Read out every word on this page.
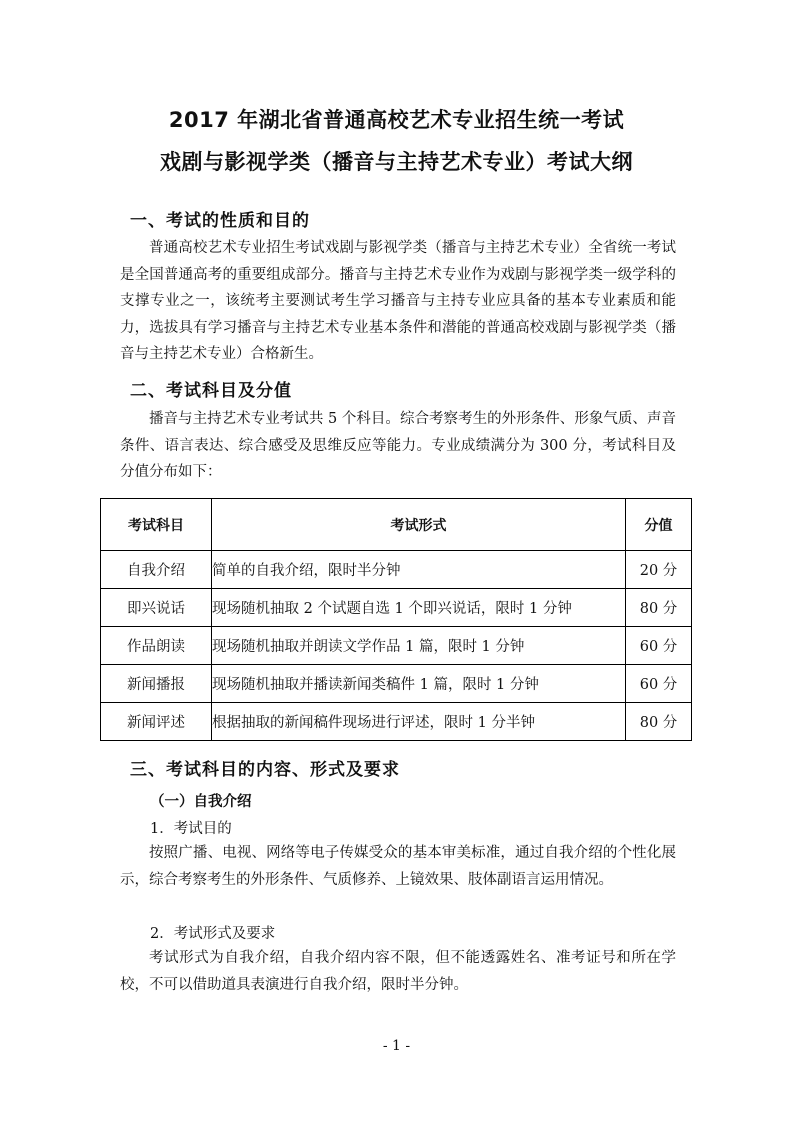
2017 年湖北省普通高校艺术专业招生统一考试
戏剧与影视学类（播音与主持艺术专业）考试大纲
一、考试的性质和目的

普通高校艺术专业招生考试戏剧与影视学类（播音与主持艺术专业）全省统一考试是全国普通高考的重要组成部分。播音与主持艺术专业作为戏剧与影视学类一级学科的支撑专业之一，该统考主要测试考生学习播音与主持专业应具备的基本专业素质和能力，选拔具有学习播音与主持艺术专业基本条件和潜能的普通高校戏剧与影视学类（播音与主持艺术专业）合格新生。

二、考试科目及分值

播音与主持艺术专业考试共 5 个科目。综合考察考生的外形条件、形象气质、声音条件、语言表达、综合感受及思维反应等能力。专业成绩满分为 300 分，考试科目及分值分布如下：

考试科目	考试形式	分值
自我介绍	简单的自我介绍，限时半分钟	20 分
即兴说话	现场随机抽取 2 个试题自选 1 个即兴说话，限时 1 分钟	80 分
作品朗读	现场随机抽取并朗读文学作品 1 篇，限时 1 分钟	60 分
新闻播报	现场随机抽取并播读新闻类稿件 1 篇，限时 1 分钟	60 分
新闻评述	根据抽取的新闻稿件现场进行评述，限时 1 分半钟	80 分
三、考试科目的内容、形式及要求
（一）自我介绍
1．考试目的

按照广播、电视、网络等电子传媒受众的基本审美标准，通过自我介绍的个性化展示，综合考察考生的外形条件、气质修养、上镜效果、肢体副语言运用情况。

2．考试形式及要求

考试形式为自我介绍，自我介绍内容不限，但不能透露姓名、准考证号和所在学校，不可以借助道具表演进行自我介绍，限时半分钟。

- 1 -
